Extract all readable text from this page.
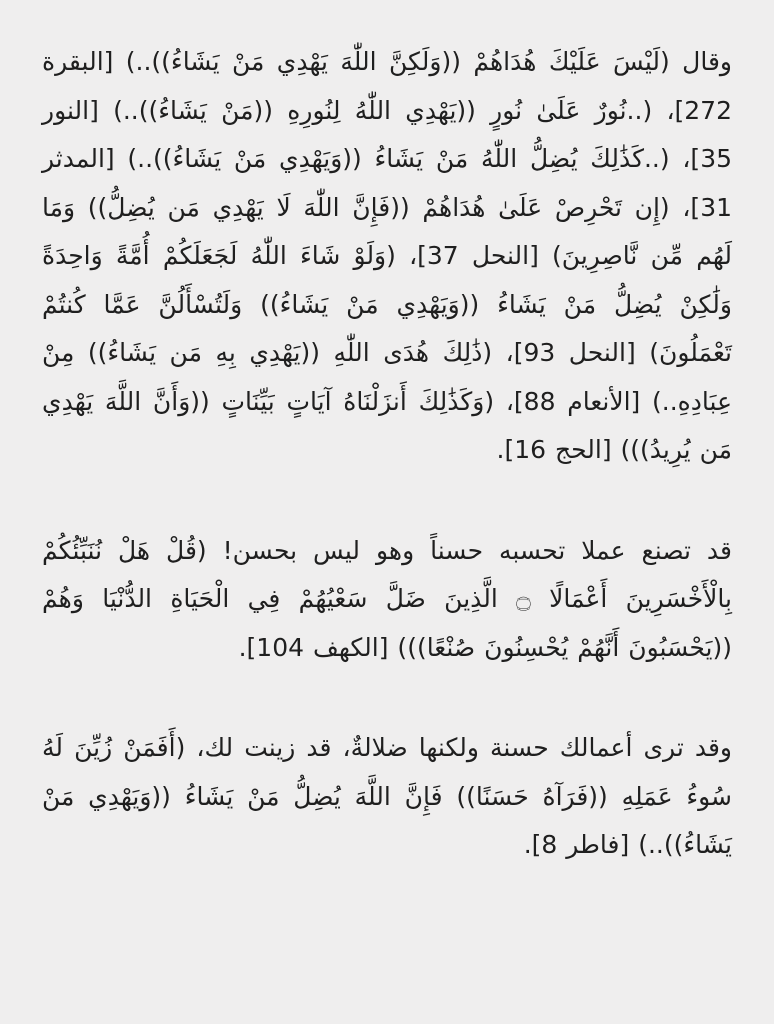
وقال (لَيْسَ عَلَيْكَ هُدَاهُمْ ((وَلَكِنَّ اللّٰهَ يَهْدِي مَنْ يَشَاءُ))..) [البقرة 272]، (..نُورٌ عَلَىٰ نُورٍ ((يَهْدِي اللّٰهُ لِنُورِهِ ((مَنْ يَشَاءُ))..) [النور 35]، (..كَذَٰلِكَ يُضِلُّ اللّٰهُ مَنْ يَشَاءُ ((وَيَهْدِي مَنْ يَشَاءُ))..) [المدثر 31]، (إِن تَحْرِصْ عَلَىٰ هُدَاهُمْ ((فَإِنَّ اللّٰهَ لَا يَهْدِي مَن يُضِلُّ)) وَمَا لَهُم مِّن نَّاصِرِينَ) [النحل 37]، (وَلَوْ شَاءَ اللّٰهُ لَجَعَلَكُمْ أُمَّةً وَاحِدَةً وَلَٰكِنْ يُضِلُّ مَنْ يَشَاءُ ((وَيَهْدِي مَنْ يَشَاءُ)) وَلَتُسْأَلُنَّ عَمَّا كُنتُمْ تَعْمَلُونَ) [النحل 93]، (ذَٰلِكَ هُدَى اللّٰهِ ((يَهْدِي بِهِ مَن يَشَاءُ)) مِنْ عِبَادِهِ..) [الأنعام 88]، (وَكَذَٰلِكَ أَنزَلْنَاهُ آيَاتٍ بَيِّنَاتٍ ((وَأَنَّ اللَّهَ يَهْدِي مَن يُرِيدُ))) [الحج 16].

قد تصنع عملا تحسبه حسناً وهو ليس بحسن! (قُلْ هَلْ نُنَبِّئُكُمْ بِالْأَخْسَرِينَ أَعْمَالًا ۝ الَّذِينَ ضَلَّ سَعْيُهُمْ فِي الْحَيَاةِ الدُّنْيَا وَهُمْ ((يَحْسَبُونَ أَنَّهُمْ يُحْسِنُونَ صُنْعًا))) [الكهف 104].

وقد ترى أعمالك حسنة ولكنها ضلالةٌ، قد زينت لك، (أَفَمَنْ زُيِّنَ لَهُ سُوءُ عَمَلِهِ ((فَرَآهُ حَسَنًا)) فَإِنَّ اللَّهَ يُضِلُّ مَنْ يَشَاءُ ((وَيَهْدِي مَنْ يَشَاءُ))..) [فاطر 8].
